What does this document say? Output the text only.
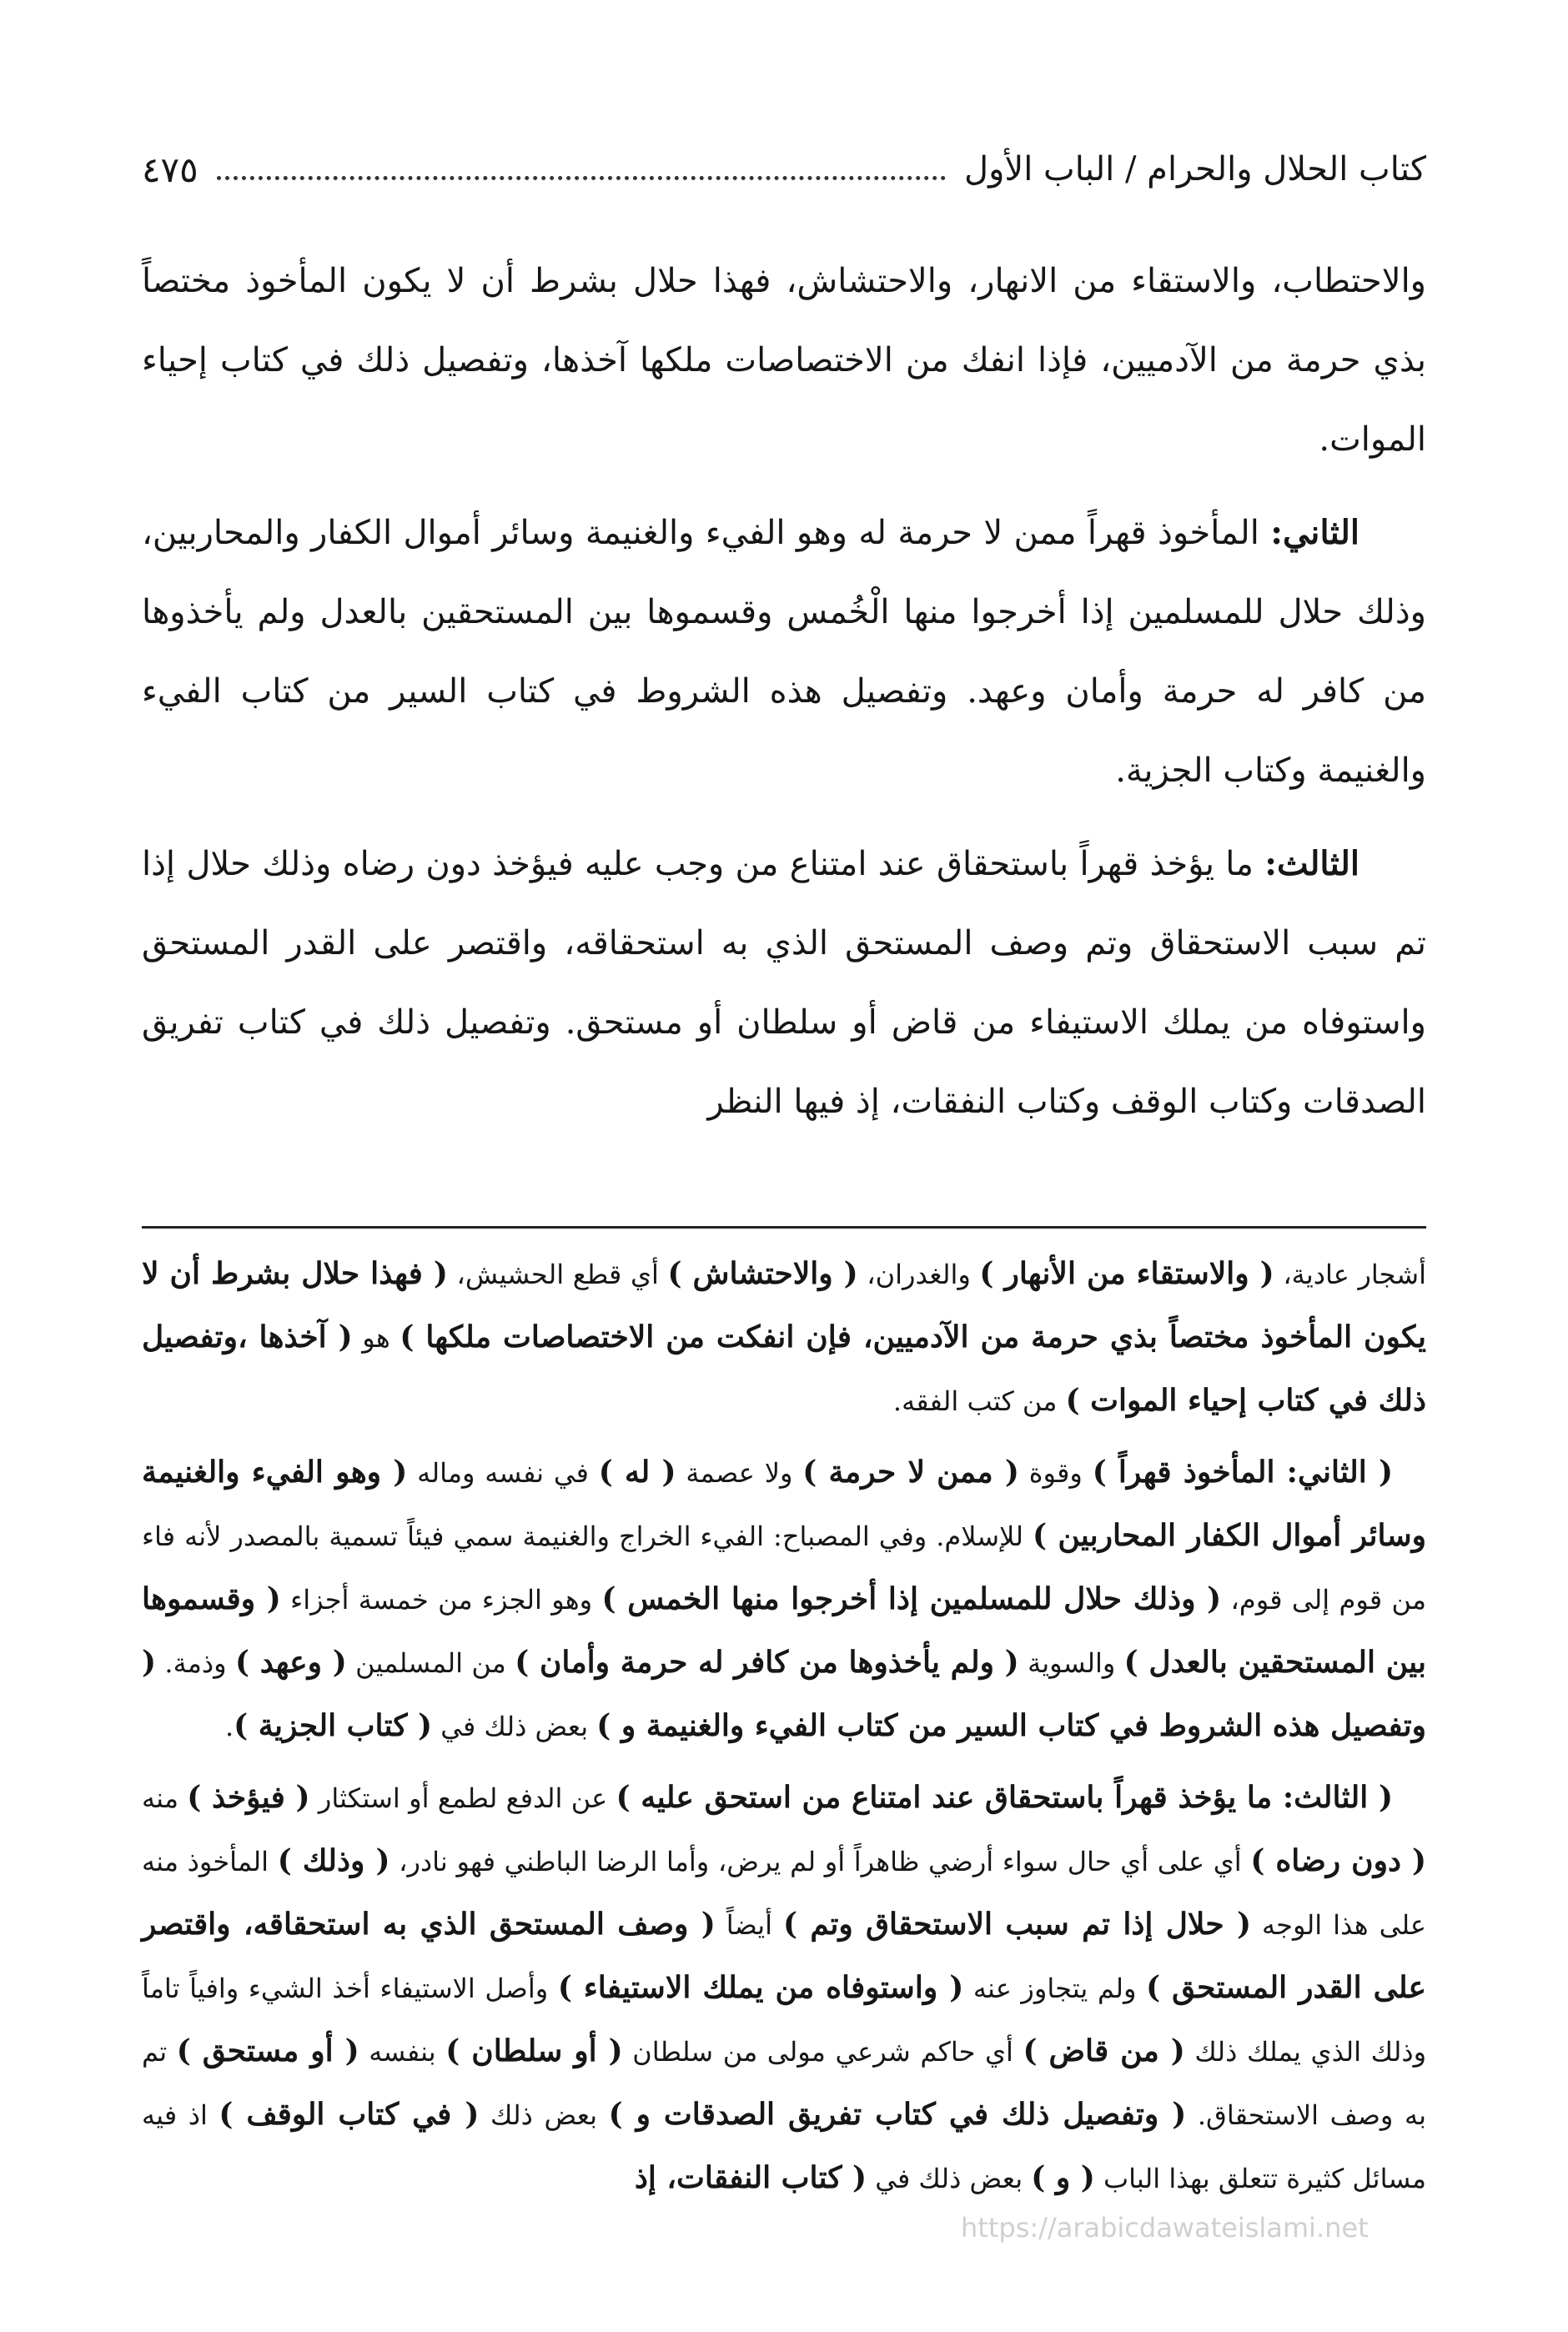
كتاب الحلال والحرام / الباب الأول
٤٧٥

والاحتطاب، والاستقاء من الانهار، والاحتشاش، فهذا حلال بشرط أن لا يكون المأخوذ مختصاً بذي حرمة من الآدميين، فإذا انفك من الاختصاصات ملكها آخذها، وتفصيل ذلك في كتاب إحياء الموات.

الثاني: المأخوذ قهراً ممن لا حرمة له وهو الفيء والغنيمة وسائر أموال الكفار والمحاربين، وذلك حلال للمسلمين إذا أخرجوا منها الْخُمس وقسموها بين المستحقين بالعدل ولم يأخذوها من كافر له حرمة وأمان وعهد. وتفصيل هذه الشروط في كتاب السير من كتاب الفيء والغنيمة وكتاب الجزية.

الثالث: ما يؤخذ قهراً باستحقاق عند امتناع من وجب عليه فيؤخذ دون رضاه وذلك حلال إذا تم سبب الاستحقاق وتم وصف المستحق الذي به استحقاقه، واقتصر على القدر المستحق واستوفاه من يملك الاستيفاء من قاض أو سلطان أو مستحق. وتفصيل ذلك في كتاب تفريق الصدقات وكتاب الوقف وكتاب النفقات، إذ فيها النظر

أشجار عادية، ( والاستقاء من الأنهار ) والغدران، ( والاحتشاش ) أي قطع الحشيش، ( فهذا حلال بشرط أن لا يكون المأخوذ مختصاً بذي حرمة من الآدميين، فإن انفكت من الاختصاصات ملكها ) هو ( آخذها ،وتفصيل ذلك في كتاب إحياء الموات ) من كتب الفقه.

( الثاني: المأخوذ قهراً ) وقوة ( ممن لا حرمة ) ولا عصمة ( له ) في نفسه وماله ( وهو الفيء والغنيمة وسائر أموال الكفار المحاربين ) للإسلام. وفي المصباح: الفيء الخراج والغنيمة سمي فيئاً تسمية بالمصدر لأنه فاء من قوم إلى قوم، ( وذلك حلال للمسلمين إذا أخرجوا منها الخمس ) وهو الجزء من خمسة أجزاء ( وقسموها بين المستحقين بالعدل ) والسوية ( ولم يأخذوها من كافر له حرمة وأمان ) من المسلمين ( وعهد ) وذمة. ( وتفصيل هذه الشروط في كتاب السير من كتاب الفيء والغنيمة و ) بعض ذلك في ( كتاب الجزية ).

( الثالث: ما يؤخذ قهراً باستحقاق عند امتناع من استحق عليه ) عن الدفع لطمع أو استكثار ( فيؤخذ ) منه ( دون رضاه ) أي على أي حال سواء أرضي ظاهراً أو لم يرض، وأما الرضا الباطني فهو نادر، ( وذلك ) المأخوذ منه على هذا الوجه ( حلال إذا تم سبب الاستحقاق وتم ) أيضاً ( وصف المستحق الذي به استحقاقه، واقتصر على القدر المستحق ) ولم يتجاوز عنه ( واستوفاه من يملك الاستيفاء ) وأصل الاستيفاء أخذ الشيء وافياً تاماً وذلك الذي يملك ذلك ( من قاض ) أي حاكم شرعي مولى من سلطان ( أو سلطان ) بنفسه ( أو مستحق ) تم به وصف الاستحقاق. ( وتفصيل ذلك في كتاب تفريق الصدقات و ) بعض ذلك ( في كتاب الوقف ) اذ فيه مسائل كثيرة تتعلق بهذا الباب ( و ) بعض ذلك في ( كتاب النفقات، إذ

https://arabicdawateislami.net
